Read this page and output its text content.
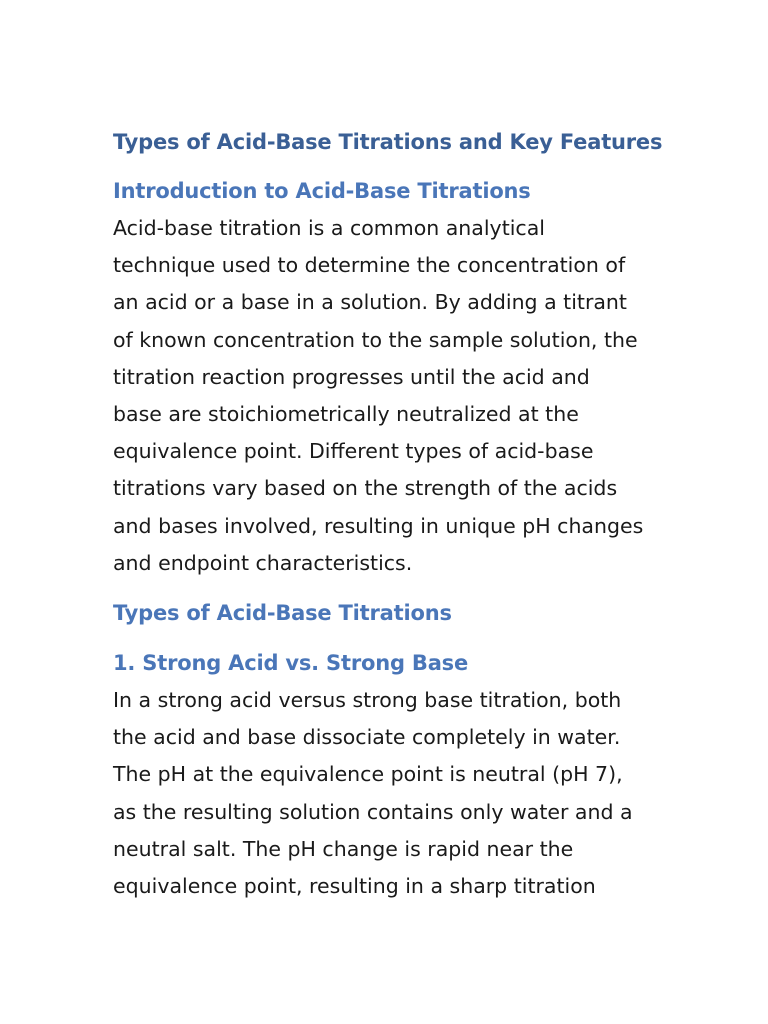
Types of Acid-Base Titrations and Key Features
Introduction to Acid-Base Titrations

Acid-base titration is a common analytical
technique used to determine the concentration of
an acid or a base in a solution. By adding a titrant
of known concentration to the sample solution, the
titration reaction progresses until the acid and
base are stoichiometrically neutralized at the
equivalence point. Different types of acid-base
titrations vary based on the strength of the acids
and bases involved, resulting in unique pH changes
and endpoint characteristics.

Types of Acid-Base Titrations
1. Strong Acid vs. Strong Base

In a strong acid versus strong base titration, both
the acid and base dissociate completely in water.
The pH at the equivalence point is neutral (pH 7),
as the resulting solution contains only water and a
neutral salt. The pH change is rapid near the
equivalence point, resulting in a sharp titration
